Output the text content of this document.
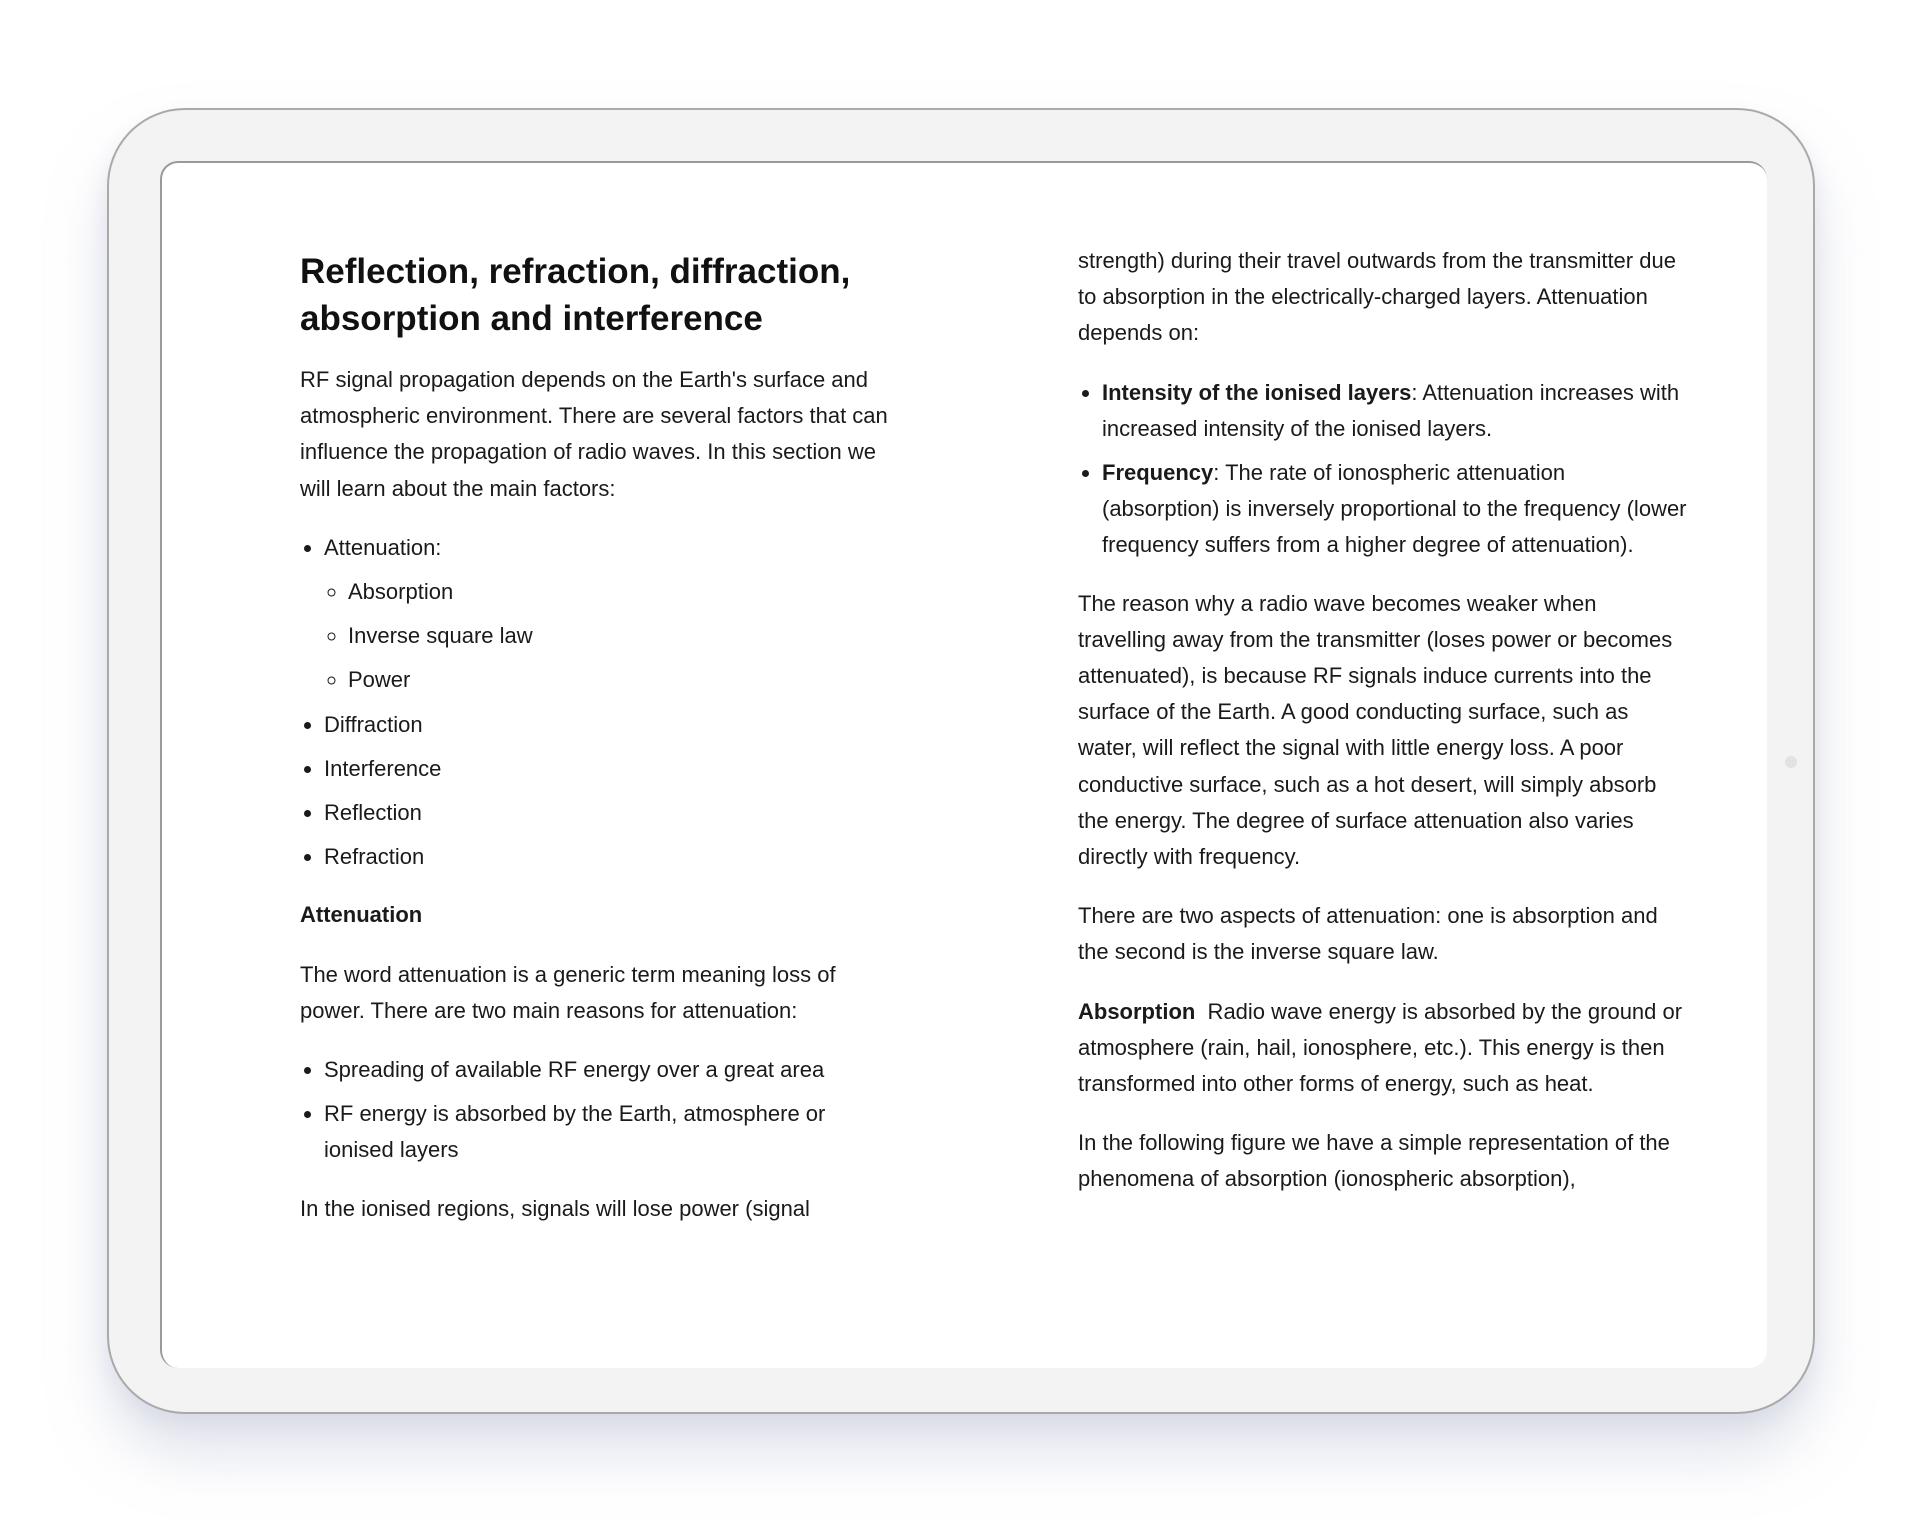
Reflection, refraction, diffraction, absorption and interference

RF signal propagation depends on the Earth's surface and atmospheric environment. There are several factors that can influence the propagation of radio waves. In this section we will learn about the main factors:

• Attenuation:
◦ Absorption
◦ Inverse square law
◦ Power
• Diffraction
• Interference
• Reflection
• Refraction

Attenuation

The word attenuation is a generic term meaning loss of power. There are two main reasons for attenuation:

• Spreading of available RF energy over a great area
• RF energy is absorbed by the Earth, atmosphere or ionised layers

In the ionised regions, signals will lose power (signal

strength) during their travel outwards from the transmitter due to absorption in the electrically-charged layers. Attenuation depends on:

• Intensity of the ionised layers: Attenuation increases with increased intensity of the ionised layers.
• Frequency: The rate of ionospheric attenuation (absorption) is inversely proportional to the frequency (lower frequency suffers from a higher degree of attenuation).

The reason why a radio wave becomes weaker when travelling away from the transmitter (loses power or becomes attenuated), is because RF signals induce currents into the surface of the Earth. A good conducting surface, such as water, will reflect the signal with little energy loss. A poor conductive surface, such as a hot desert, will simply absorb the energy. The degree of surface attenuation also varies directly with frequency.

There are two aspects of attenuation: one is absorption and the second is the inverse square law.

Absorption  Radio wave energy is absorbed by the ground or atmosphere (rain, hail, ionosphere, etc.). This energy is then transformed into other forms of energy, such as heat.

In the following figure we have a simple representation of the phenomena of absorption (ionospheric absorption),
